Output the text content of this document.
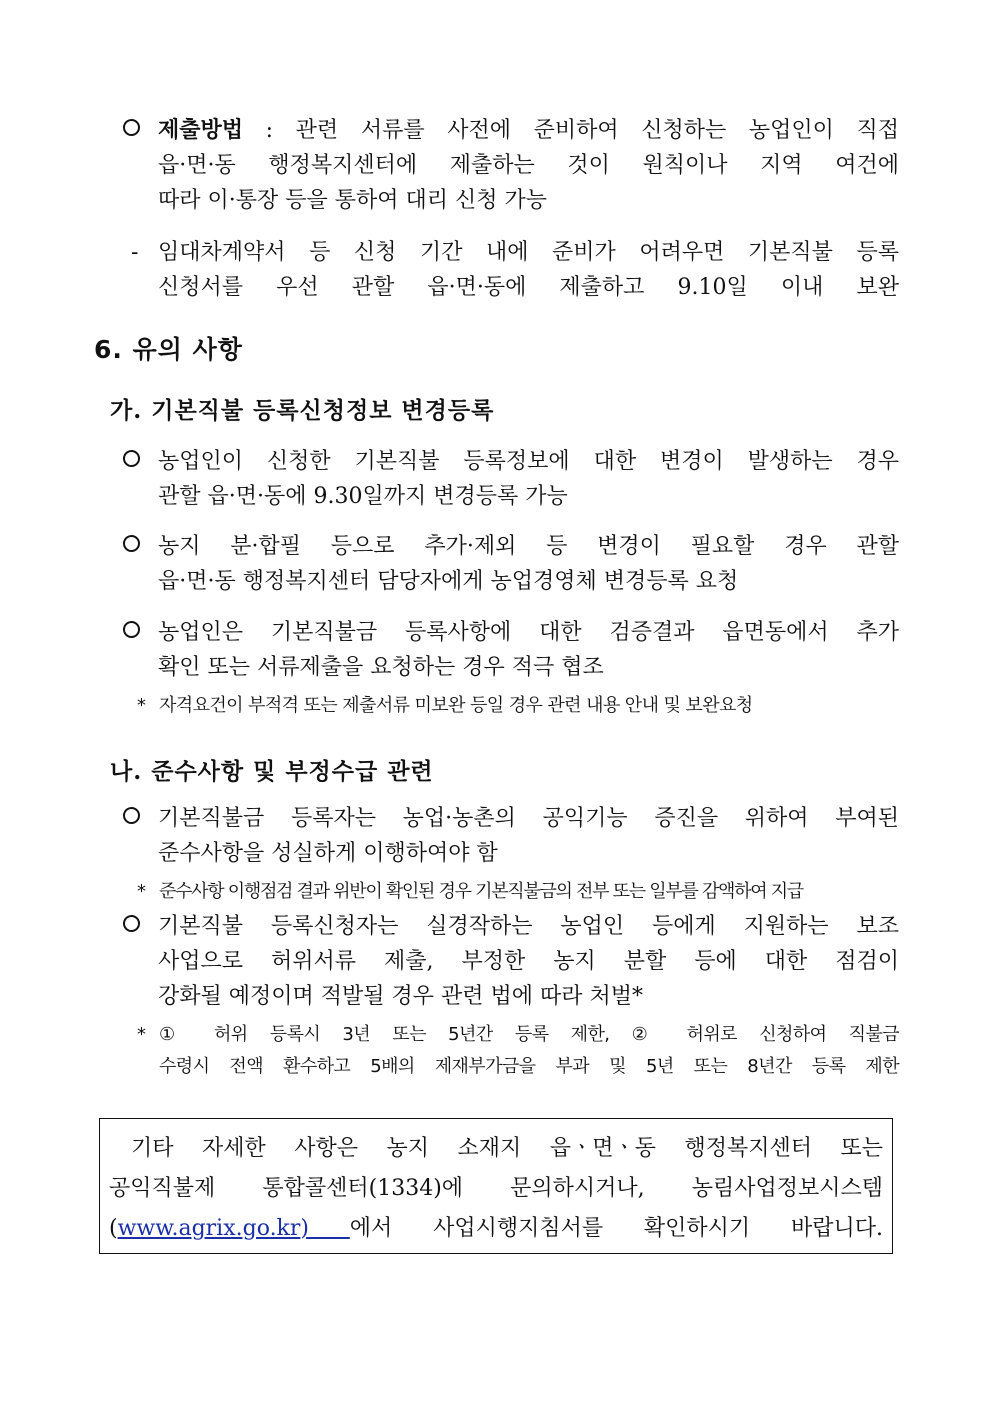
제출방법 : 관련 서류를 사전에 준비하여 신청하는 농업인이 직접
읍·면·동 행정복지센터에 제출하는 것이 원칙이나 지역 여건에
따라 이·통장 등을 통하여 대리 신청 가능
- 임대차계약서 등 신청 기간 내에 준비가 어려우면 기본직불 등록
신청서를 우선 관할 읍·면·동에 제출하고 9.10일 이내 보완
6. 유의 사항
가. 기본직불 등록신청정보 변경등록
농업인이 신청한 기본직불 등록정보에 대한 변경이 발생하는 경우
관할 읍·면·동에 9.30일까지 변경등록 가능
농지 분·합필 등으로 추가·제외 등 변경이 필요할 경우 관할
읍·면·동 행정복지센터 담당자에게 농업경영체 변경등록 요청
농업인은 기본직불금 등록사항에 대한 검증결과 읍면동에서 추가
확인 또는 서류제출을 요청하는 경우 적극 협조
* 자격요건이 부적격 또는 제출서류 미보완 등일 경우 관련 내용 안내 및 보완요청
나. 준수사항 및 부정수급 관련
기본직불금 등록자는 농업·농촌의 공익기능 증진을 위하여 부여된
준수사항을 성실하게 이행하여야 함
* 준수사항 이행점검 결과 위반이 확인된 경우 기본직불금의 전부 또는 일부를 감액하여 지급
기본직불 등록신청자는 실경작하는 농업인 등에게 지원하는 보조
사업으로 허위서류 제출, 부정한 농지 분할 등에 대한 점검이
강화될 예정이며 적발될 경우 관련 법에 따라 처벌*
* ① 허위 등록시 3년 또는 5년간 등록 제한, ② 허위로 신청하여 직불금
수령시 전액 환수하고 5배의 제재부가금을 부과 및 5년 또는 8년간 등록 제한
기타 자세한 사항은 농지 소재지 읍ㆍ면ㆍ동 행정복지센터 또는
공익직불제 통합콜센터(1334)에 문의하시거나, 농림사업정보시스템
(www.agrix.go.kr) 에서 사업시행지침서를 확인하시기 바랍니다.
